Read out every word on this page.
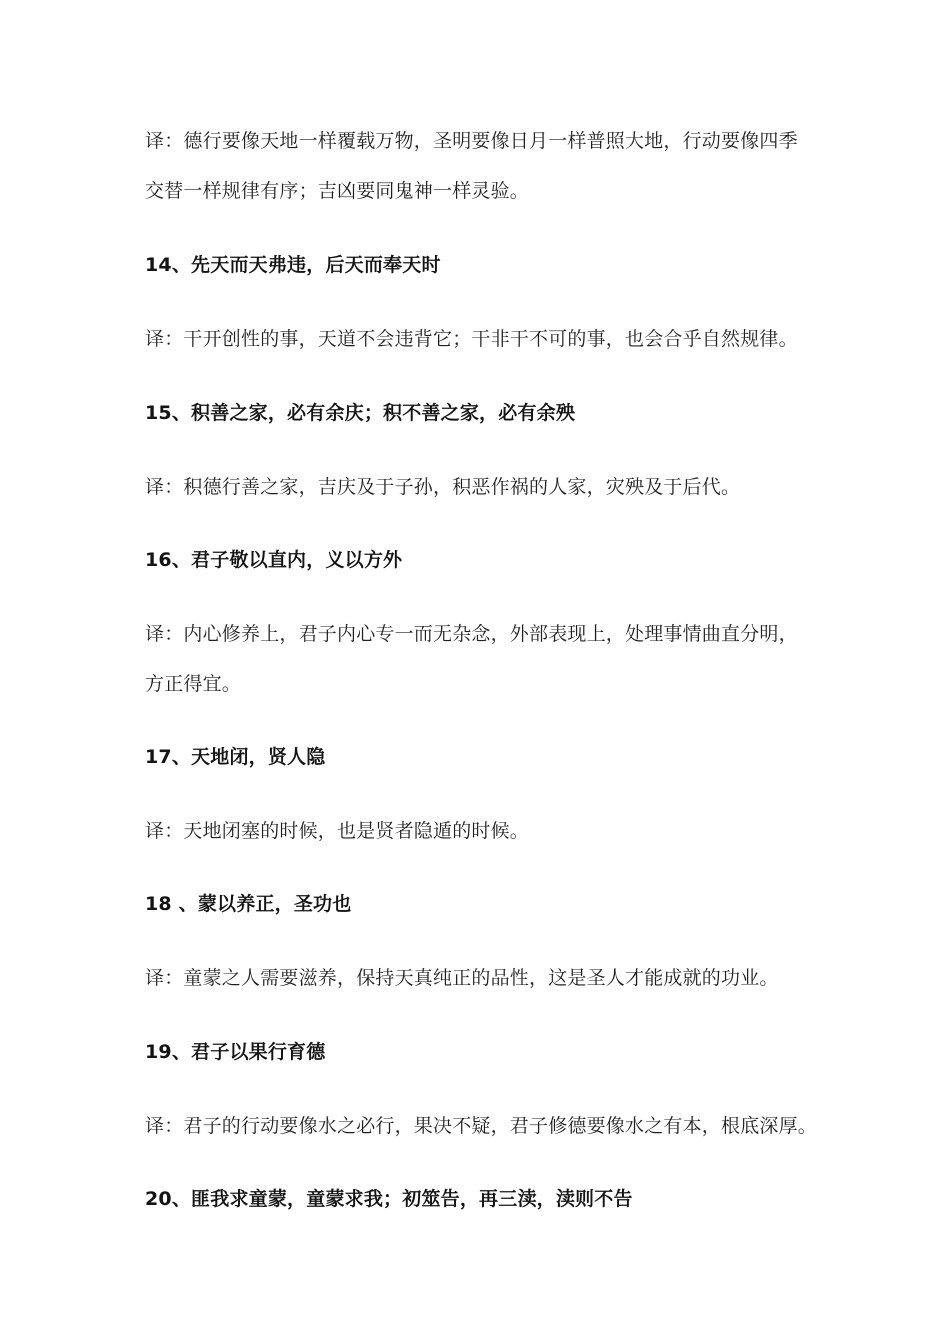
译：德行要像天地一样覆载万物，圣明要像日月一样普照大地，行动要像四季
交替一样规律有序；吉凶要同鬼神一样灵验。
14、先天而天弗违，后天而奉天时
译：干开创性的事，天道不会违背它；干非干不可的事，也会合乎自然规律。
15、积善之家，必有余庆；积不善之家，必有余殃
译：积德行善之家，吉庆及于子孙，积恶作祸的人家，灾殃及于后代。
16、君子敬以直内，义以方外
译：内心修养上，君子内心专一而无杂念，外部表现上，处理事情曲直分明，
方正得宜。
17、天地闭，贤人隐
译：天地闭塞的时候，也是贤者隐遁的时候。
18 、蒙以养正，圣功也
译：童蒙之人需要滋养，保持天真纯正的品性，这是圣人才能成就的功业。
19、君子以果行育德
译：君子的行动要像水之必行，果决不疑，君子修德要像水之有本，根底深厚。
20、匪我求童蒙，童蒙求我；初筮告，再三渎，渎则不告
